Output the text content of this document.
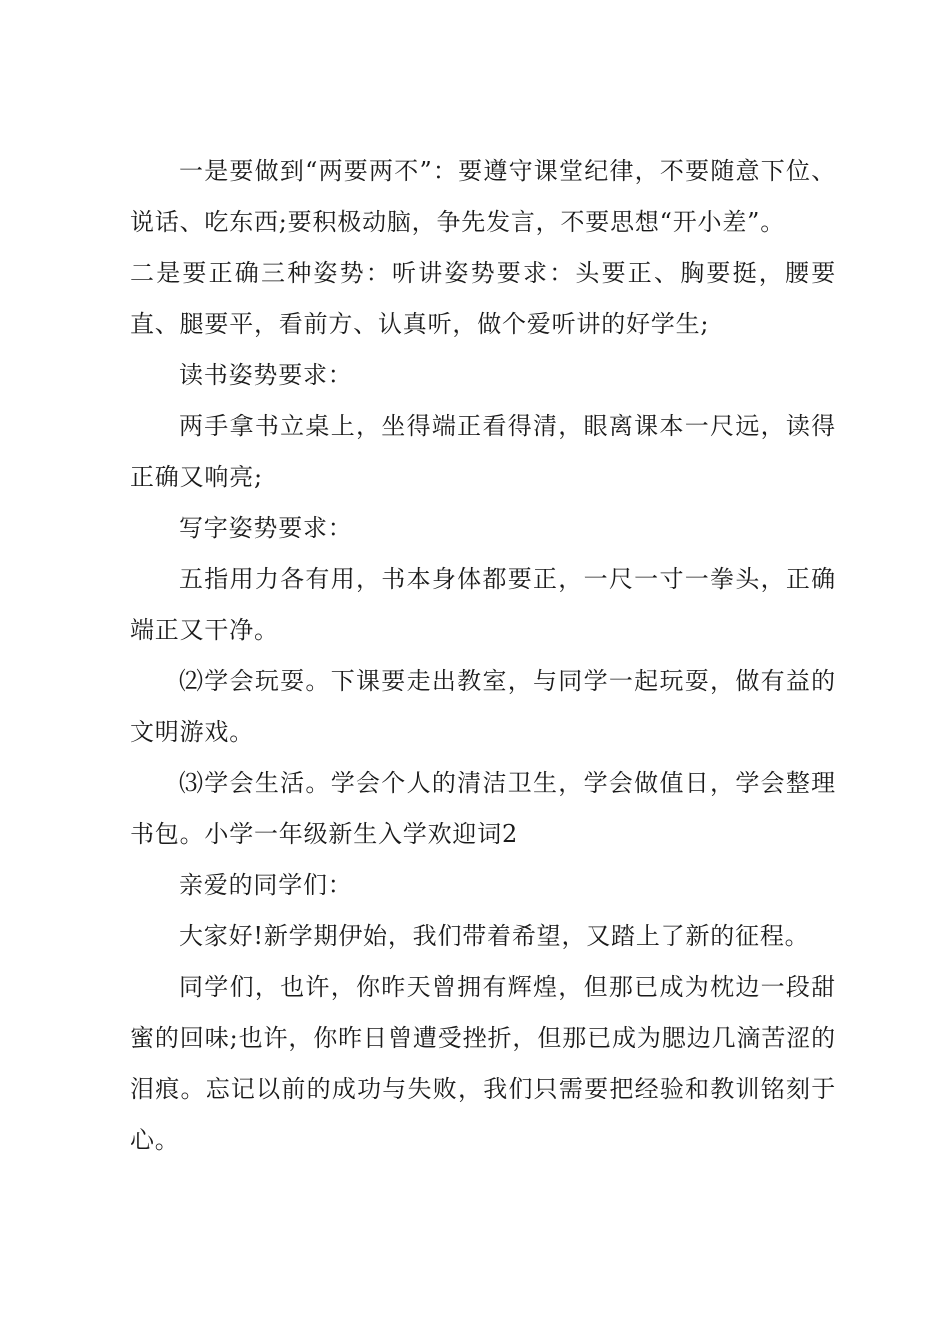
一是要做到“两要两不”：要遵守课堂纪律，不要随意下位、说话、吃东西;要积极动脑，争先发言，不要思想“开小差”。

二是要正确三种姿势：听讲姿势要求：头要正、胸要挺，腰要直、腿要平，看前方、认真听，做个爱听讲的好学生;

读书姿势要求：

两手拿书立桌上，坐得端正看得清，眼离课本一尺远，读得正确又响亮;

写字姿势要求：

五指用力各有用，书本身体都要正，一尺一寸一拳头，正确端正又干净。

⑵学会玩耍。下课要走出教室，与同学一起玩耍，做有益的文明游戏。

⑶学会生活。学会个人的清洁卫生，学会做值日，学会整理书包。小学一年级新生入学欢迎词2

亲爱的同学们：

大家好!新学期伊始，我们带着希望，又踏上了新的征程。

同学们，也许，你昨天曾拥有辉煌，但那已成为枕边一段甜蜜的回味;也许，你昨日曾遭受挫折，但那已成为腮边几滴苦涩的泪痕。忘记以前的成功与失败，我们只需要把经验和教训铭刻于心。
